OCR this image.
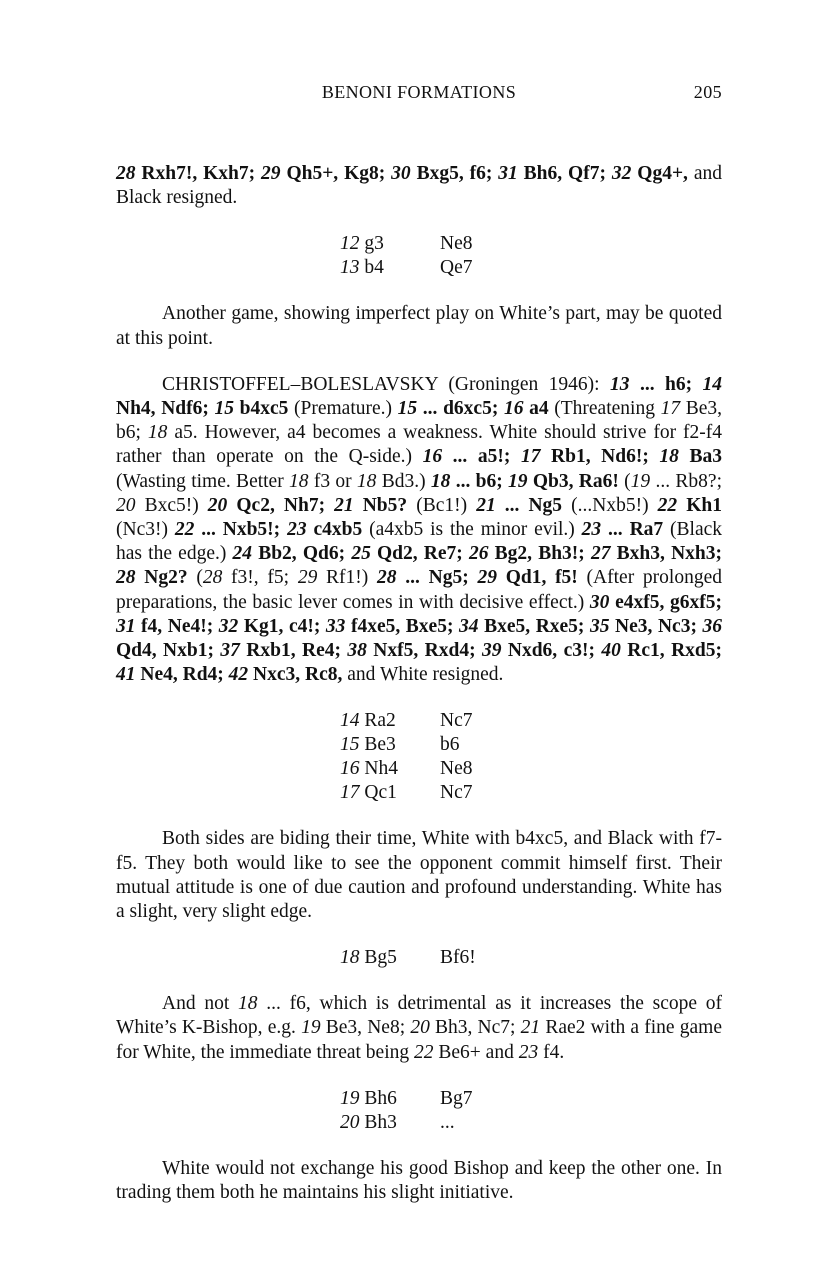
BENONI FORMATIONS	205

28 Rxh7!, Kxh7; 29 Qh5+, Kg8; 30 Bxg5, f6; 31 Bh6, Qf7; 32 Qg4+, and Black resigned.

12 g3	Ne8
13 b4	Qe7

Another game, showing imperfect play on White’s part, may be quoted at this point.

CHRISTOFFEL–BOLESLAVSKY (Groningen 1946): 13 ... h6; 14 Nh4, Ndf6; 15 b4xc5 (Premature.) 15 ... d6xc5; 16 a4 (Threatening 17 Be3, b6; 18 a5. However, a4 becomes a weakness. White should strive for f2-f4 rather than operate on the Q-side.) 16 ... a5!; 17 Rb1, Nd6!; 18 Ba3 (Wasting time. Better 18 f3 or 18 Bd3.) 18 ... b6; 19 Qb3, Ra6! (19 ... Rb8?; 20 Bxc5!) 20 Qc2, Nh7; 21 Nb5? (Bc1!) 21 ... Ng5 (...Nxb5!) 22 Kh1 (Nc3!) 22 ... Nxb5!; 23 c4xb5 (a4xb5 is the minor evil.) 23 ... Ra7 (Black has the edge.) 24 Bb2, Qd6; 25 Qd2, Re7; 26 Bg2, Bh3!; 27 Bxh3, Nxh3; 28 Ng2? (28 f3!, f5; 29 Rf1!) 28 ... Ng5; 29 Qd1, f5! (After prolonged preparations, the basic lever comes in with decisive effect.) 30 e4xf5, g6xf5; 31 f4, Ne4!; 32 Kg1, c4!; 33 f4xe5, Bxe5; 34 Bxe5, Rxe5; 35 Ne3, Nc3; 36 Qd4, Nxb1; 37 Rxb1, Re4; 38 Nxf5, Rxd4; 39 Nxd6, c3!; 40 Rc1, Rxd5; 41 Ne4, Rd4; 42 Nxc3, Rc8, and White resigned.

14 Ra2	Nc7
15 Be3	b6
16 Nh4	Ne8
17 Qc1	Nc7

Both sides are biding their time, White with b4xc5, and Black with f7-f5. They both would like to see the opponent commit himself first. Their mutual attitude is one of due caution and profound understanding. White has a slight, very slight edge.

18 Bg5	Bf6!

And not 18 ... f6, which is detrimental as it increases the scope of White’s K-Bishop, e.g. 19 Be3, Ne8; 20 Bh3, Nc7; 21 Rae2 with a fine game for White, the immediate threat being 22 Be6+ and 23 f4.

19 Bh6	Bg7
20 Bh3	...

White would not exchange his good Bishop and keep the other one. In trading them both he maintains his slight initiative.
